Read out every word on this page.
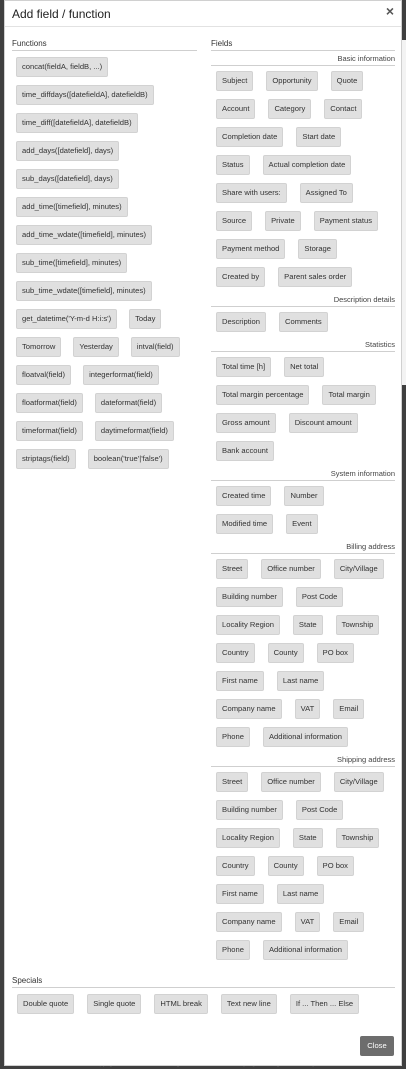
Add field / function	×
Functions
concat(fieldA, fieldB, ...)
time_diffdays([datefieldA], datefieldB)
time_diff([datefieldA], datefieldB)
add_days([datefield], days)
sub_days([datefield], days)
add_time([timefield], minutes)
add_time_wdate([timefield], minutes)
sub_time([timefield], minutes)
sub_time_wdate([timefield], minutes)
get_datetime('Y-m-d H:i:s')	Today
Tomorrow	Yesterday	intval(field)
floatval(field)	integerformat(field)
floatformat(field)	dateformat(field)
timeformat(field)	daytimeformat(field)
striptags(field)	boolean('true'|'false')
Fields
Basic information
Subject	Opportunity	Quote
Account	Category	Contact
Completion date	Start date
Status	Actual completion date
Share with users:	Assigned To
Source	Private	Payment status
Payment method	Storage
Created by	Parent sales order
Description details
Description	Comments
Statistics
Total time [h]	Net total
Total margin percentage	Total margin
Gross amount	Discount amount
Bank account
System information
Created time	Number
Modified time	Event
Billing address
Street	Office number	City/Village
Building number	Post Code
Locality Region	State	Township
Country	County	PO box
First name	Last name
Company name	VAT	Email
Phone	Additional information
Shipping address
Street	Office number	City/Village
Building number	Post Code
Locality Region	State	Township
Country	County	PO box
First name	Last name
Company name	VAT	Email
Phone	Additional information
Specials
Double quote	Single quote	HTML break	Text new line	If ... Then ... Else
Close
